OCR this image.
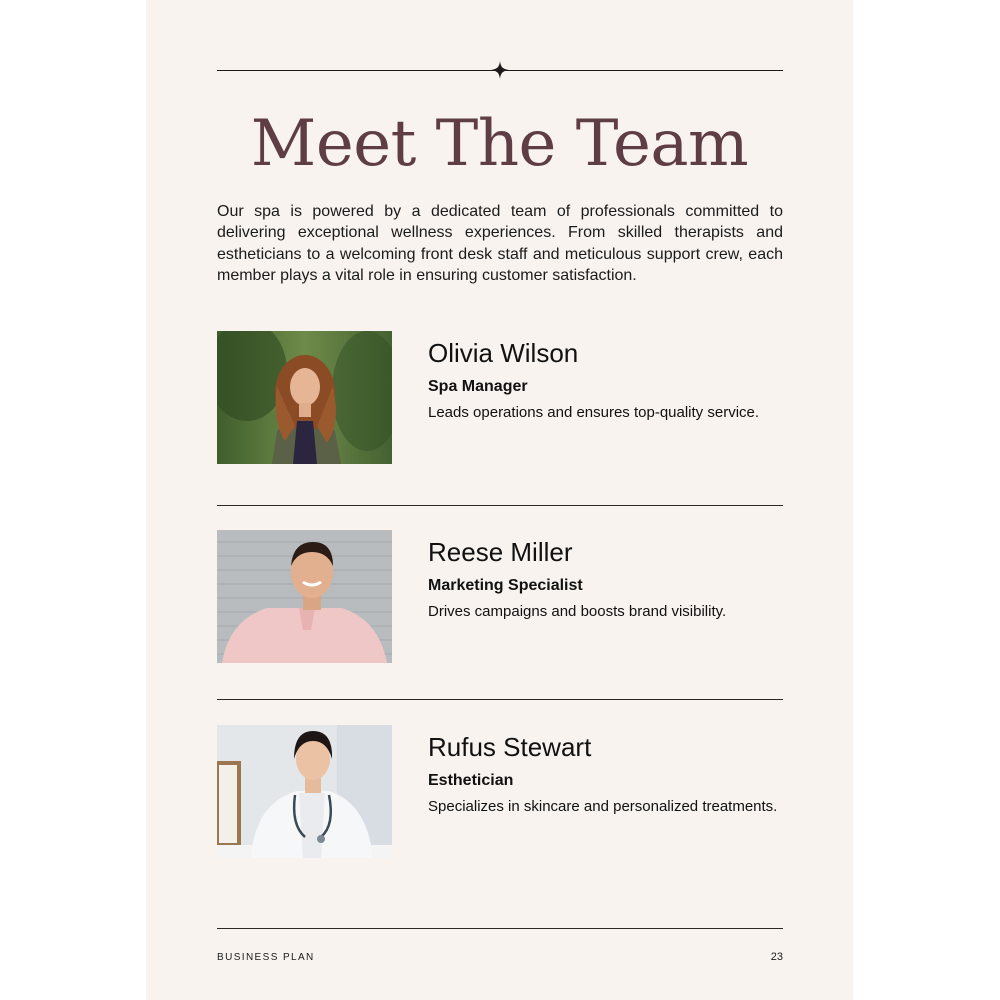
Meet The Team

Our spa is powered by a dedicated team of professionals committed to delivering exceptional wellness experiences. From skilled therapists and estheticians to a welcoming front desk staff and meticulous support crew, each member plays a vital role in ensuring customer satisfaction.

Olivia Wilson
Spa Manager
Leads operations and ensures top-quality service.
Reese Miller
Marketing Specialist
Drives campaigns and boosts brand visibility.
Rufus Stewart
Esthetician
Specializes in skincare and personalized treatments.
BUSINESS PLAN	23
